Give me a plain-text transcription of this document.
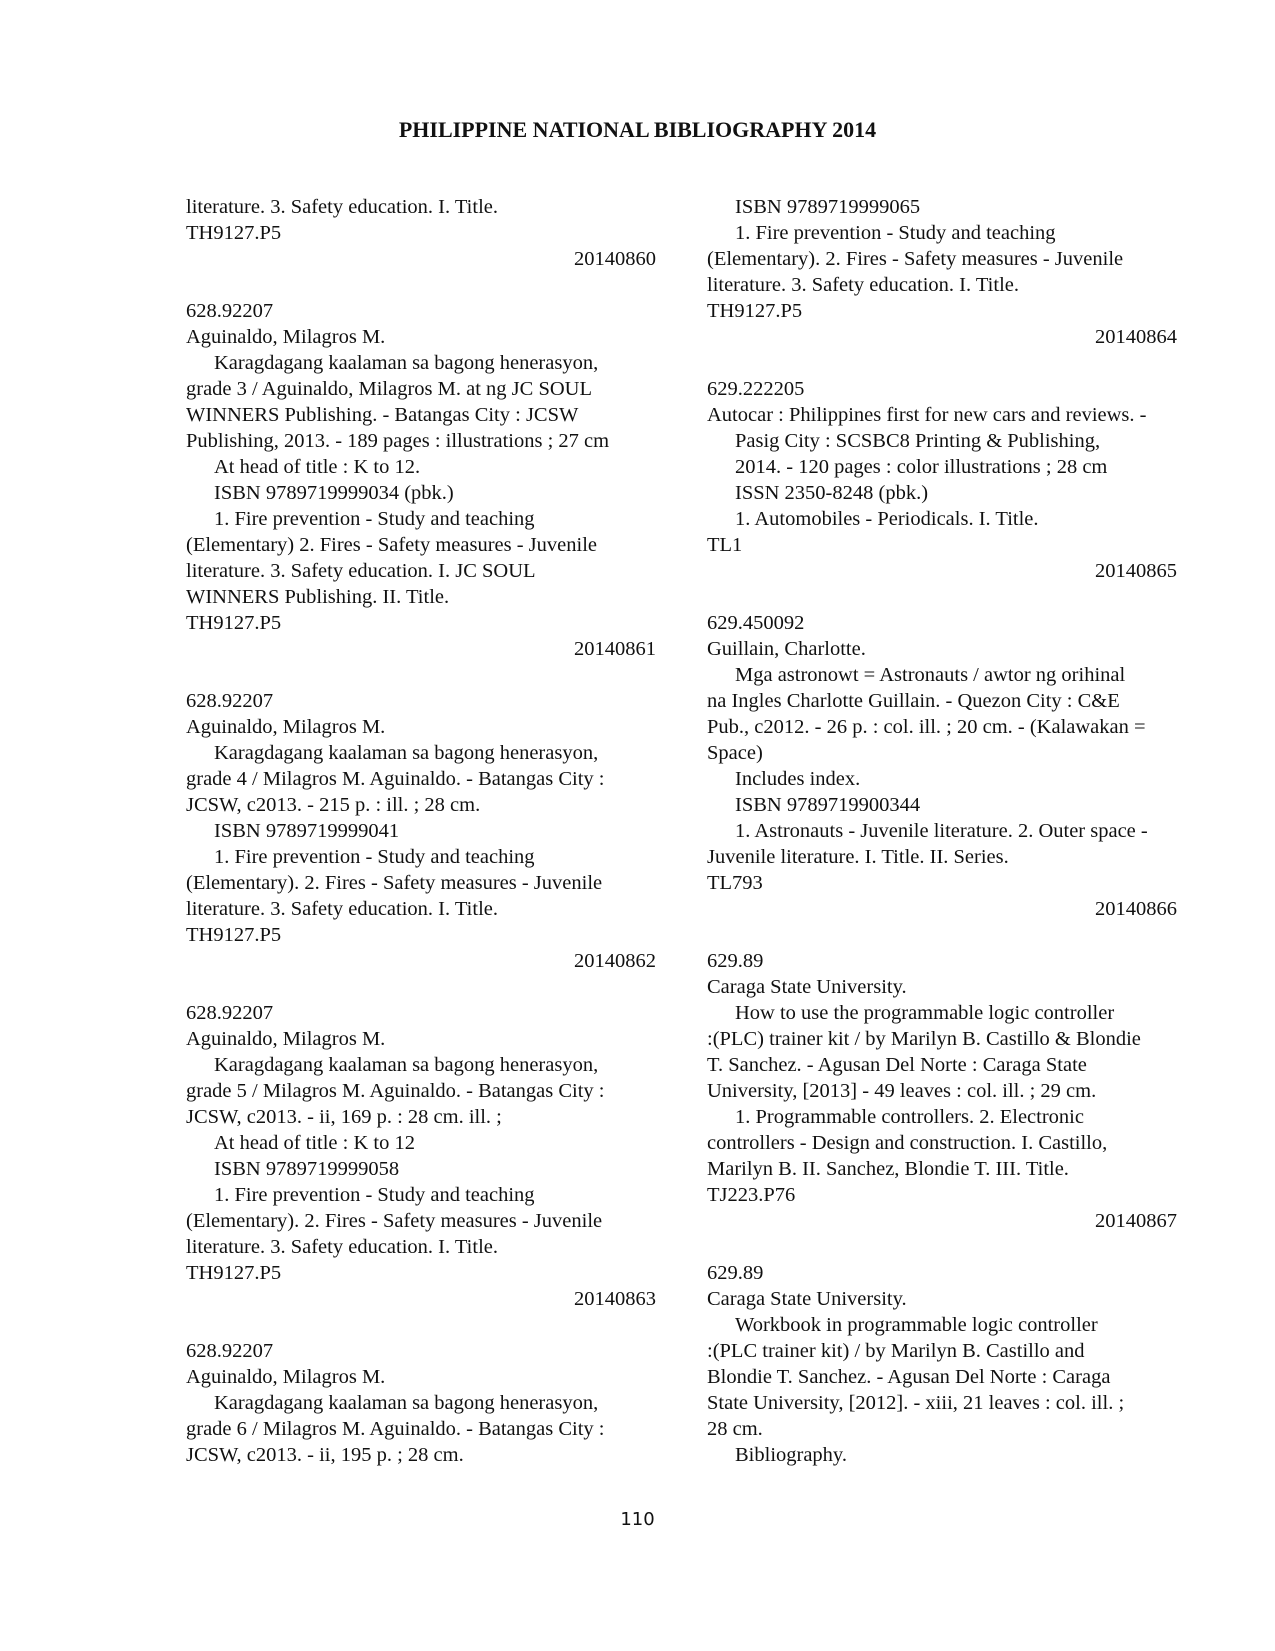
PHILIPPINE NATIONAL BIBLIOGRAPHY 2014
literature. 3. Safety education. I. Title.
TH9127.P5
20140860
628.92207
Aguinaldo, Milagros M.
Karagdagang kaalaman sa bagong henerasyon,
grade 3 / Aguinaldo, Milagros M. at ng JC SOUL
WINNERS Publishing. - Batangas City : JCSW
Publishing, 2013. - 189 pages : illustrations ; 27 cm
At head of title : K to 12.
ISBN 9789719999034 (pbk.)
1. Fire prevention - Study and teaching
(Elementary) 2. Fires - Safety measures - Juvenile
literature. 3. Safety education. I. JC SOUL
WINNERS Publishing. II. Title.
TH9127.P5
20140861
628.92207
Aguinaldo, Milagros M.
Karagdagang kaalaman sa bagong henerasyon,
grade 4 / Milagros M. Aguinaldo. - Batangas City :
JCSW, c2013. - 215 p. : ill. ; 28 cm.
ISBN 9789719999041
1. Fire prevention - Study and teaching
(Elementary). 2. Fires - Safety measures - Juvenile
literature. 3. Safety education. I. Title.
TH9127.P5
20140862
628.92207
Aguinaldo, Milagros M.
Karagdagang kaalaman sa bagong henerasyon,
grade 5 / Milagros M. Aguinaldo. - Batangas City :
JCSW, c2013. - ii, 169 p. : 28 cm. ill. ;
At head of title : K to 12
ISBN 9789719999058
1. Fire prevention - Study and teaching
(Elementary). 2. Fires - Safety measures - Juvenile
literature. 3. Safety education. I. Title.
TH9127.P5
20140863
628.92207
Aguinaldo, Milagros M.
Karagdagang kaalaman sa bagong henerasyon,
grade 6 / Milagros M. Aguinaldo. - Batangas City :
JCSW, c2013. - ii, 195 p. ; 28 cm.
ISBN 9789719999065
1. Fire prevention - Study and teaching
(Elementary). 2. Fires - Safety measures - Juvenile
literature. 3. Safety education. I. Title.
TH9127.P5
20140864
629.222205
Autocar : Philippines first for new cars and reviews. -
Pasig City : SCSBC8 Printing & Publishing,
2014. - 120 pages : color illustrations ; 28 cm
ISSN 2350-8248 (pbk.)
1. Automobiles - Periodicals. I. Title.
TL1
20140865
629.450092
Guillain, Charlotte.
Mga astronowt = Astronauts / awtor ng orihinal
na Ingles Charlotte Guillain. - Quezon City : C&E
Pub., c2012. - 26 p. : col. ill. ; 20 cm. - (Kalawakan =
Space)
Includes index.
ISBN 9789719900344
1. Astronauts - Juvenile literature. 2. Outer space -
Juvenile literature. I. Title. II. Series.
TL793
20140866
629.89
Caraga State University.
How to use the programmable logic controller
:(PLC) trainer kit / by Marilyn B. Castillo & Blondie
T. Sanchez. - Agusan Del Norte : Caraga State
University, [2013] - 49 leaves : col. ill. ; 29 cm.
1. Programmable controllers. 2. Electronic
controllers - Design and construction. I. Castillo,
Marilyn B. II. Sanchez, Blondie T. III. Title.
TJ223.P76
20140867
629.89
Caraga State University.
Workbook in programmable logic controller
:(PLC trainer kit) / by Marilyn B. Castillo and
Blondie T. Sanchez. - Agusan Del Norte : Caraga
State University, [2012]. - xiii, 21 leaves : col. ill. ;
28 cm.
Bibliography.
110
